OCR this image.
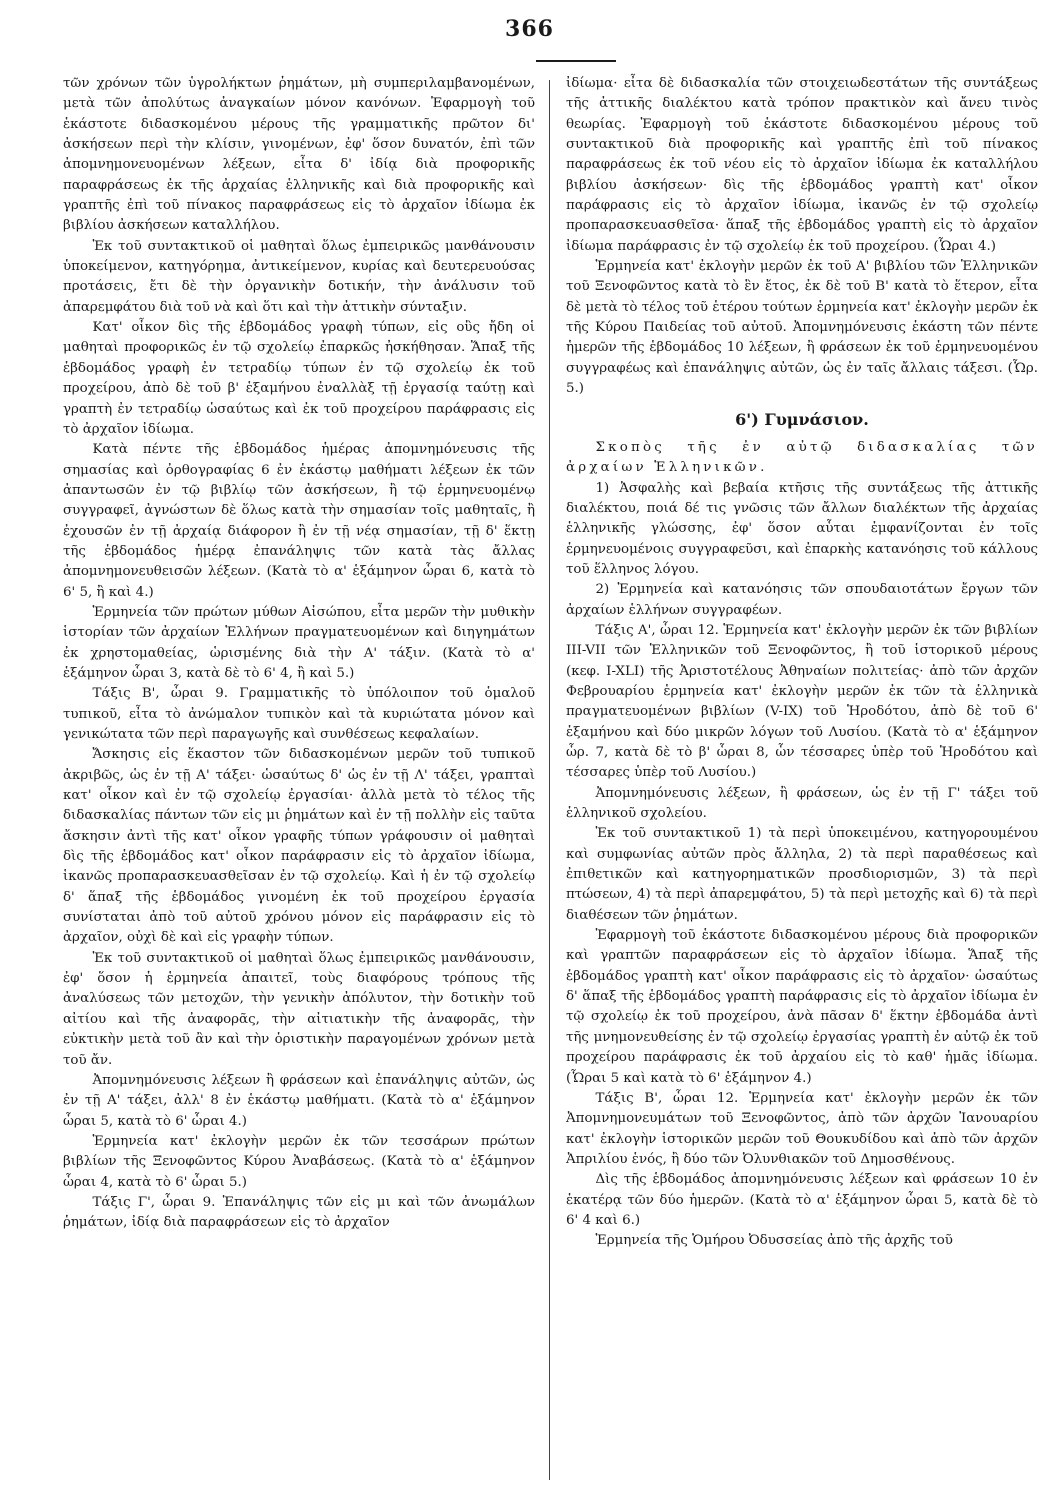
366

τῶν χρόνων τῶν ὑγρολήκτων ῥημάτων, μὴ συμπεριλαμβανομένων, μετὰ τῶν ἀπολύτως ἀναγκαίων μόνον κανόνων. Ἐφαρμογὴ τοῦ ἑκάστοτε διδασκομένου μέρους τῆς γραμματικῆς πρῶτον δι' ἀσκήσεων περὶ τὴν κλίσιν, γινομένων, ἐφ' ὅσον δυνατόν, ἐπὶ τῶν ἀπομνημονευομένων λέξεων, εἶτα δ' ἰδίᾳ διὰ προφορικῆς παραφράσεως ἐκ τῆς ἀρχαίας ἑλληνικῆς καὶ διὰ προφορικῆς καὶ γραπτῆς ἐπὶ τοῦ πίνακος παραφράσεως εἰς τὸ ἀρχαῖον ἰδίωμα ἐκ βιβλίου ἀσκήσεων καταλλήλου.

Ἐκ τοῦ συντακτικοῦ οἱ μαθηταὶ ὅλως ἐμπειρικῶς μανθάνουσιν ὑποκείμενον, κατηγόρημα, ἀντικείμενον, κυρίας καὶ δευτερευούσας προτάσεις, ἔτι δὲ τὴν ὀργανικὴν δοτικήν, τὴν ἀνάλυσιν τοῦ ἀπαρεμφάτου διὰ τοῦ νὰ καὶ ὅτι καὶ τὴν ἀττικὴν σύνταξιν.

Κατ' οἶκον δὶς τῆς ἑβδομάδος γραφὴ τύπων, εἰς οὓς ἤδη οἱ μαθηταὶ προφορικῶς ἐν τῷ σχολείῳ ἐπαρκῶς ἠσκήθησαν. Ἅπαξ τῆς ἑβδομάδος γραφὴ ἐν τετραδίῳ τύπων ἐν τῷ σχολείῳ ἐκ τοῦ προχείρου, ἀπὸ δὲ τοῦ β' ἑξαμήνου ἐναλλὰξ τῇ ἐργασίᾳ ταύτῃ καὶ γραπτὴ ἐν τετραδίῳ ὡσαύτως καὶ ἐκ τοῦ προχείρου παράφρασις εἰς τὸ ἀρχαῖον ἰδίωμα.

Κατὰ πέντε τῆς ἑβδομάδος ἡμέρας ἀπομνημόνευσις τῆς σημασίας καὶ ὀρθογραφίας 6 ἐν ἑκάστῳ μαθήματι λέξεων ἐκ τῶν ἀπαντωσῶν ἐν τῷ βιβλίῳ τῶν ἀσκήσεων, ἢ τῷ ἑρμηνευομένῳ συγγραφεῖ, ἀγνώστων δὲ ὅλως κατὰ τὴν σημασίαν τοῖς μαθηταῖς, ἢ ἐχουσῶν ἐν τῇ ἀρχαίᾳ διάφορον ἢ ἐν τῇ νέᾳ σημασίαν, τῇ δ' ἕκτῃ τῆς ἑβδομάδος ἡμέρᾳ ἐπανάληψις τῶν κατὰ τὰς ἄλλας ἀπομνημονευθεισῶν λέξεων. (Κατὰ τὸ α' ἑξάμηνον ὧραι 6, κατὰ τὸ 6' 5, ἢ καὶ 4.)

Ἑρμηνεία τῶν πρώτων μύθων Αἰσώπου, εἶτα μερῶν τὴν μυθικὴν ἱστορίαν τῶν ἀρχαίων Ἑλλήνων πραγματευομένων καὶ διηγημάτων ἐκ χρηστομαθείας, ὡρισμένης διὰ τὴν Α' τάξιν. (Κατὰ τὸ α' ἑξάμηνον ὧραι 3, κατὰ δὲ τὸ 6' 4, ἢ καὶ 5.)

Τάξις Β', ὧραι 9. Γραμματικῆς τὸ ὑπόλοιπον τοῦ ὁμαλοῦ τυπικοῦ, εἶτα τὸ ἀνώμαλον τυπικὸν καὶ τὰ κυριώτατα μόνον καὶ γενικώτατα τῶν περὶ παραγωγῆς καὶ συνθέσεως κεφαλαίων.

Ἄσκησις εἰς ἕκαστον τῶν διδασκομένων μερῶν τοῦ τυπικοῦ ἀκριβῶς, ὡς ἐν τῇ Α' τάξει· ὡσαύτως δ' ὡς ἐν τῇ Λ' τάξει, γραπταὶ κατ' οἶκον καὶ ἐν τῷ σχολείῳ ἐργασίαι· ἀλλὰ μετὰ τὸ τέλος τῆς διδασκαλίας πάντων τῶν εἰς μι ῥημάτων καὶ ἐν τῇ πολλὴν εἰς ταῦτα ἄσκησιν ἀντὶ τῆς κατ' οἶκον γραφῆς τύπων γράφουσιν οἱ μαθηταὶ δὶς τῆς ἑβδομάδος κατ' οἶκον παράφρασιν εἰς τὸ ἀρχαῖον ἰδίωμα, ἱκανῶς προπαρασκευασθεῖσαν ἐν τῷ σχολείῳ. Καὶ ἡ ἐν τῷ σχολείῳ δ' ἅπαξ τῆς ἑβδομάδος γινομένη ἐκ τοῦ προχείρου ἐργασία συνίσταται ἀπὸ τοῦ αὐτοῦ χρόνου μόνον εἰς παράφρασιν εἰς τὸ ἀρχαῖον, οὐχὶ δὲ καὶ εἰς γραφὴν τύπων.

Ἐκ τοῦ συντακτικοῦ οἱ μαθηταὶ ὅλως ἐμπειρικῶς μανθάνουσιν, ἐφ' ὅσον ἡ ἑρμηνεία ἀπαιτεῖ, τοὺς διαφόρους τρόπους τῆς ἀναλύσεως τῶν μετοχῶν, τὴν γενικὴν ἀπόλυτον, τὴν δοτικὴν τοῦ αἰτίου καὶ τῆς ἀναφορᾶς, τὴν αἰτιατικὴν τῆς ἀναφορᾶς, τὴν εὐκτικὴν μετὰ τοῦ ἂν καὶ τὴν ὁριστικὴν παραγομένων χρόνων μετὰ τοῦ ἄν.

Ἀπομνημόνευσις λέξεων ἢ φράσεων καὶ ἐπανάληψις αὐτῶν, ὡς ἐν τῇ Α' τάξει, ἀλλ' 8 ἐν ἑκάστῳ μαθήματι. (Κατὰ τὸ α' ἑξάμηνον ὧραι 5, κατὰ τὸ 6' ὧραι 4.)

Ἑρμηνεία κατ' ἐκλογὴν μερῶν ἐκ τῶν τεσσάρων πρώτων βιβλίων τῆς Ξενοφῶντος Κύρου Ἀναβάσεως. (Κατὰ τὸ α' ἑξάμηνον ὧραι 4, κατὰ τὸ 6' ὧραι 5.)

Τάξις Γ', ὧραι 9. Ἐπανάληψις τῶν εἰς μι καὶ τῶν ἀνωμάλων ῥημάτων, ἰδίᾳ διὰ παραφράσεων εἰς τὸ ἀρχαῖον

ἰδίωμα· εἶτα δὲ διδασκαλία τῶν στοιχειωδεστάτων τῆς συντάξεως τῆς ἀττικῆς διαλέκτου κατὰ τρόπον πρακτικὸν καὶ ἄνευ τινὸς θεωρίας. Ἐφαρμογὴ τοῦ ἑκάστοτε διδασκομένου μέρους τοῦ συντακτικοῦ διὰ προφορικῆς καὶ γραπτῆς ἐπὶ τοῦ πίνακος παραφράσεως ἐκ τοῦ νέου εἰς τὸ ἀρχαῖον ἰδίωμα ἐκ καταλλήλου βιβλίου ἀσκήσεων· δὶς τῆς ἑβδομάδος γραπτὴ κατ' οἶκον παράφρασις εἰς τὸ ἀρχαῖον ἰδίωμα, ἱκανῶς ἐν τῷ σχολείῳ προπαρασκευασθεῖσα· ἅπαξ τῆς ἑβδομάδος γραπτὴ εἰς τὸ ἀρχαῖον ἰδίωμα παράφρασις ἐν τῷ σχολείῳ ἐκ τοῦ προχείρου. (Ὧραι 4.)

Ἑρμηνεία κατ' ἐκλογὴν μερῶν ἐκ τοῦ Α' βιβλίου τῶν Ἑλληνικῶν τοῦ Ξενοφῶντος κατὰ τὸ ἓν ἔτος, ἐκ δὲ τοῦ Β' κατὰ τὸ ἕτερον, εἶτα δὲ μετὰ τὸ τέλος τοῦ ἑτέρου τούτων ἑρμηνεία κατ' ἐκλογὴν μερῶν ἐκ τῆς Κύρου Παιδείας τοῦ αὐτοῦ. Ἀπομνημόνευσις ἑκάστη τῶν πέντε ἡμερῶν τῆς ἑβδομάδος 10 λέξεων, ἢ φράσεων ἐκ τοῦ ἑρμηνευομένου συγγραφέως καὶ ἐπανάληψις αὐτῶν, ὡς ἐν ταῖς ἄλλαις τάξεσι. (Ὧρ. 5.)

6') Γυμνάσιον.

Σκοπὸς τῆς ἐν αὐτῷ διδασκαλίας τῶν ἀρχαίων Ἑλληνικῶν.

1) Ἀσφαλὴς καὶ βεβαία κτῆσις τῆς συντάξεως τῆς ἀττικῆς διαλέκτου, ποιά δέ τις γνῶσις τῶν ἄλλων διαλέκτων τῆς ἀρχαίας ἑλληνικῆς γλώσσης, ἐφ' ὅσον αὗται ἐμφανίζονται ἐν τοῖς ἑρμηνευομένοις συγγραφεῦσι, καὶ ἐπαρκὴς κατανόησις τοῦ κάλλους τοῦ ἕλληνος λόγου.

2) Ἑρμηνεία καὶ κατανόησις τῶν σπουδαιοτάτων ἔργων τῶν ἀρχαίων ἑλλήνων συγγραφέων.

Τάξις Α', ὧραι 12. Ἑρμηνεία κατ' ἐκλογὴν μερῶν ἐκ τῶν βιβλίων III-VII τῶν Ἑλληνικῶν τοῦ Ξενοφῶντος, ἢ τοῦ ἱστορικοῦ μέρους (κεφ. I-XLI) τῆς Ἀριστοτέλους Ἀθηναίων πολιτείας· ἀπὸ τῶν ἀρχῶν Φεβρουαρίου ἑρμηνεία κατ' ἐκλογὴν μερῶν ἐκ τῶν τὰ ἑλληνικὰ πραγματευομένων βιβλίων (V-IX) τοῦ Ἡροδότου, ἀπὸ δὲ τοῦ 6' ἑξαμήνου καὶ δύο μικρῶν λόγων τοῦ Λυσίου. (Κατὰ τὸ α' ἑξάμηνον ὧρ. 7, κατὰ δὲ τὸ β' ὧραι 8, ὧν τέσσαρες ὑπὲρ τοῦ Ἡροδότου καὶ τέσσαρες ὑπὲρ τοῦ Λυσίου.)

Ἀπομνημόνευσις λέξεων, ἢ φράσεων, ὡς ἐν τῇ Γ' τάξει τοῦ ἑλληνικοῦ σχολείου.

Ἐκ τοῦ συντακτικοῦ 1) τὰ περὶ ὑποκειμένου, κατηγορουμένου καὶ συμφωνίας αὐτῶν πρὸς ἄλληλα, 2) τὰ περὶ παραθέσεως καὶ ἐπιθετικῶν καὶ κατηγορηματικῶν προσδιορισμῶν, 3) τὰ περὶ πτώσεων, 4) τὰ περὶ ἀπαρεμφάτου, 5) τὰ περὶ μετοχῆς καὶ 6) τὰ περὶ διαθέσεων τῶν ῥημάτων.

Ἐφαρμογὴ τοῦ ἑκάστοτε διδασκομένου μέρους διὰ προφορικῶν καὶ γραπτῶν παραφράσεων εἰς τὸ ἀρχαῖον ἰδίωμα. Ἅπαξ τῆς ἑβδομάδος γραπτὴ κατ' οἶκον παράφρασις εἰς τὸ ἀρχαῖον· ὡσαύτως δ' ἅπαξ τῆς ἑβδομάδος γραπτὴ παράφρασις εἰς τὸ ἀρχαῖον ἰδίωμα ἐν τῷ σχολείῳ ἐκ τοῦ προχείρου, ἀνὰ πᾶσαν δ' ἕκτην ἑβδομάδα ἀντὶ τῆς μνημονευθείσης ἐν τῷ σχολείῳ ἐργασίας γραπτὴ ἐν αὐτῷ ἐκ τοῦ προχείρου παράφρασις ἐκ τοῦ ἀρχαίου εἰς τὸ καθ' ἡμᾶς ἰδίωμα. (Ὧραι 5 καὶ κατὰ τὸ 6' ἑξάμηνον 4.)

Τάξις Β', ὧραι 12. Ἑρμηνεία κατ' ἐκλογὴν μερῶν ἐκ τῶν Ἀπομνημονευμάτων τοῦ Ξενοφῶντος, ἀπὸ τῶν ἀρχῶν Ἰανουαρίου κατ' ἐκλογὴν ἱστορικῶν μερῶν τοῦ Θουκυδίδου καὶ ἀπὸ τῶν ἀρχῶν Ἀπριλίου ἑνός, ἢ δύο τῶν Ὀλυνθιακῶν τοῦ Δημοσθένους.

Δὶς τῆς ἑβδομάδος ἀπομνημόνευσις λέξεων καὶ φράσεων 10 ἐν ἑκατέρᾳ τῶν δύο ἡμερῶν. (Κατὰ τὸ α' ἑξάμηνον ὧραι 5, κατὰ δὲ τὸ 6' 4 καὶ 6.)

Ἑρμηνεία τῆς Ὁμήρου Ὀδυσσείας ἀπὸ τῆς ἀρχῆς τοῦ
